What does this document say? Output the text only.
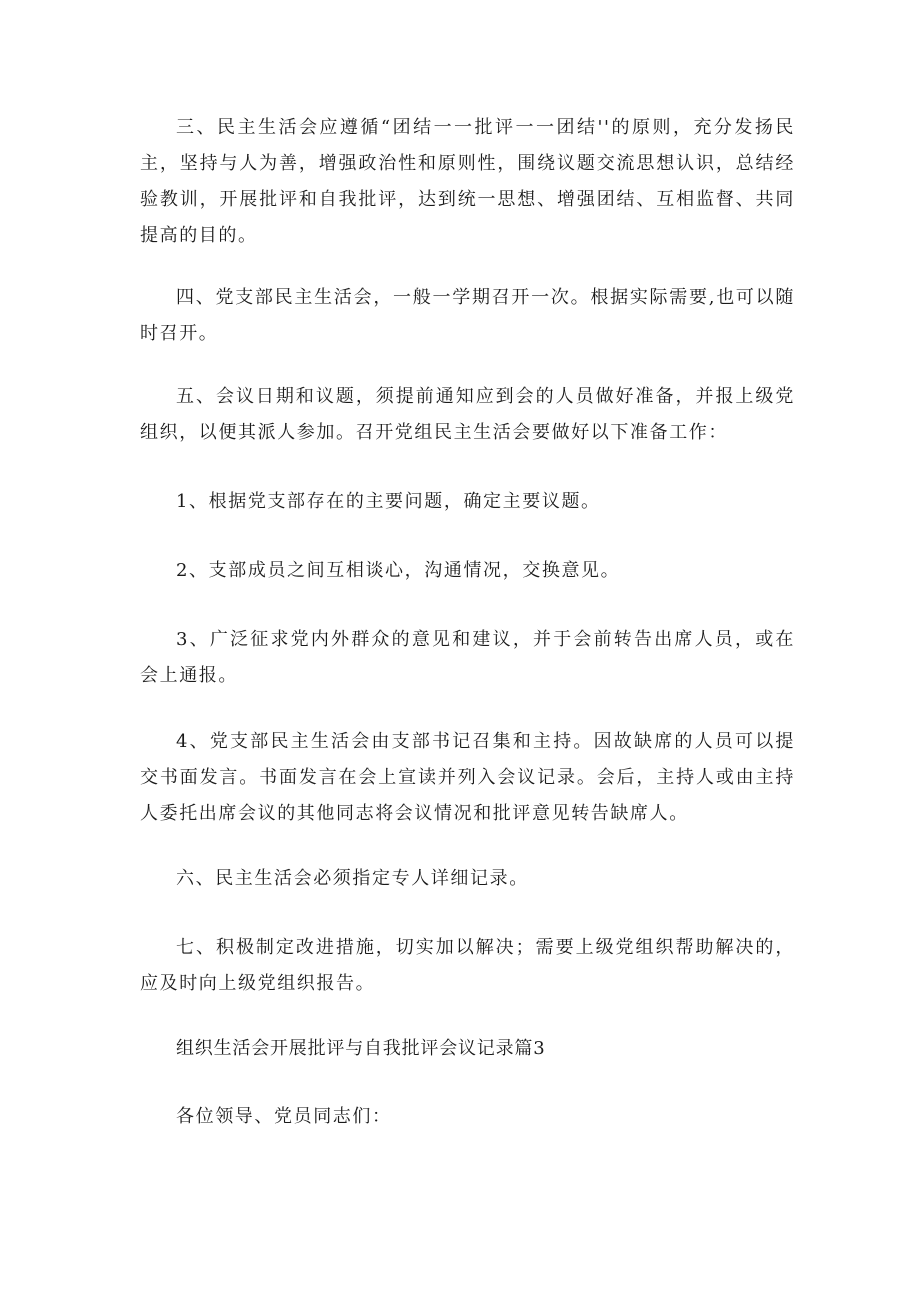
三、民主生活会应遵循“团结一一批评一一团结''的原则，充分发扬民主，坚持与人为善，增强政治性和原则性，围绕议题交流思想认识，总结经验教训，开展批评和自我批评，达到统一思想、增强团结、互相监督、共同提高的目的。

四、党支部民主生活会，一般一学期召开一次。根据实际需要,也可以随时召开。

五、会议日期和议题，须提前通知应到会的人员做好准备，并报上级党组织，以便其派人参加。召开党组民主生活会要做好以下准备工作：

1、根据党支部存在的主要问题，确定主要议题。

2、支部成员之间互相谈心，沟通情况，交换意见。

3、广泛征求党内外群众的意见和建议，并于会前转告出席人员，或在会上通报。

4、党支部民主生活会由支部书记召集和主持。因故缺席的人员可以提交书面发言。书面发言在会上宣读并列入会议记录。会后，主持人或由主持人委托出席会议的其他同志将会议情况和批评意见转告缺席人。

六、民主生活会必须指定专人详细记录。

七、积极制定改进措施，切实加以解决；需要上级党组织帮助解决的，应及时向上级党组织报告。

组织生活会开展批评与自我批评会议记录篇3

各位领导、党员同志们：
